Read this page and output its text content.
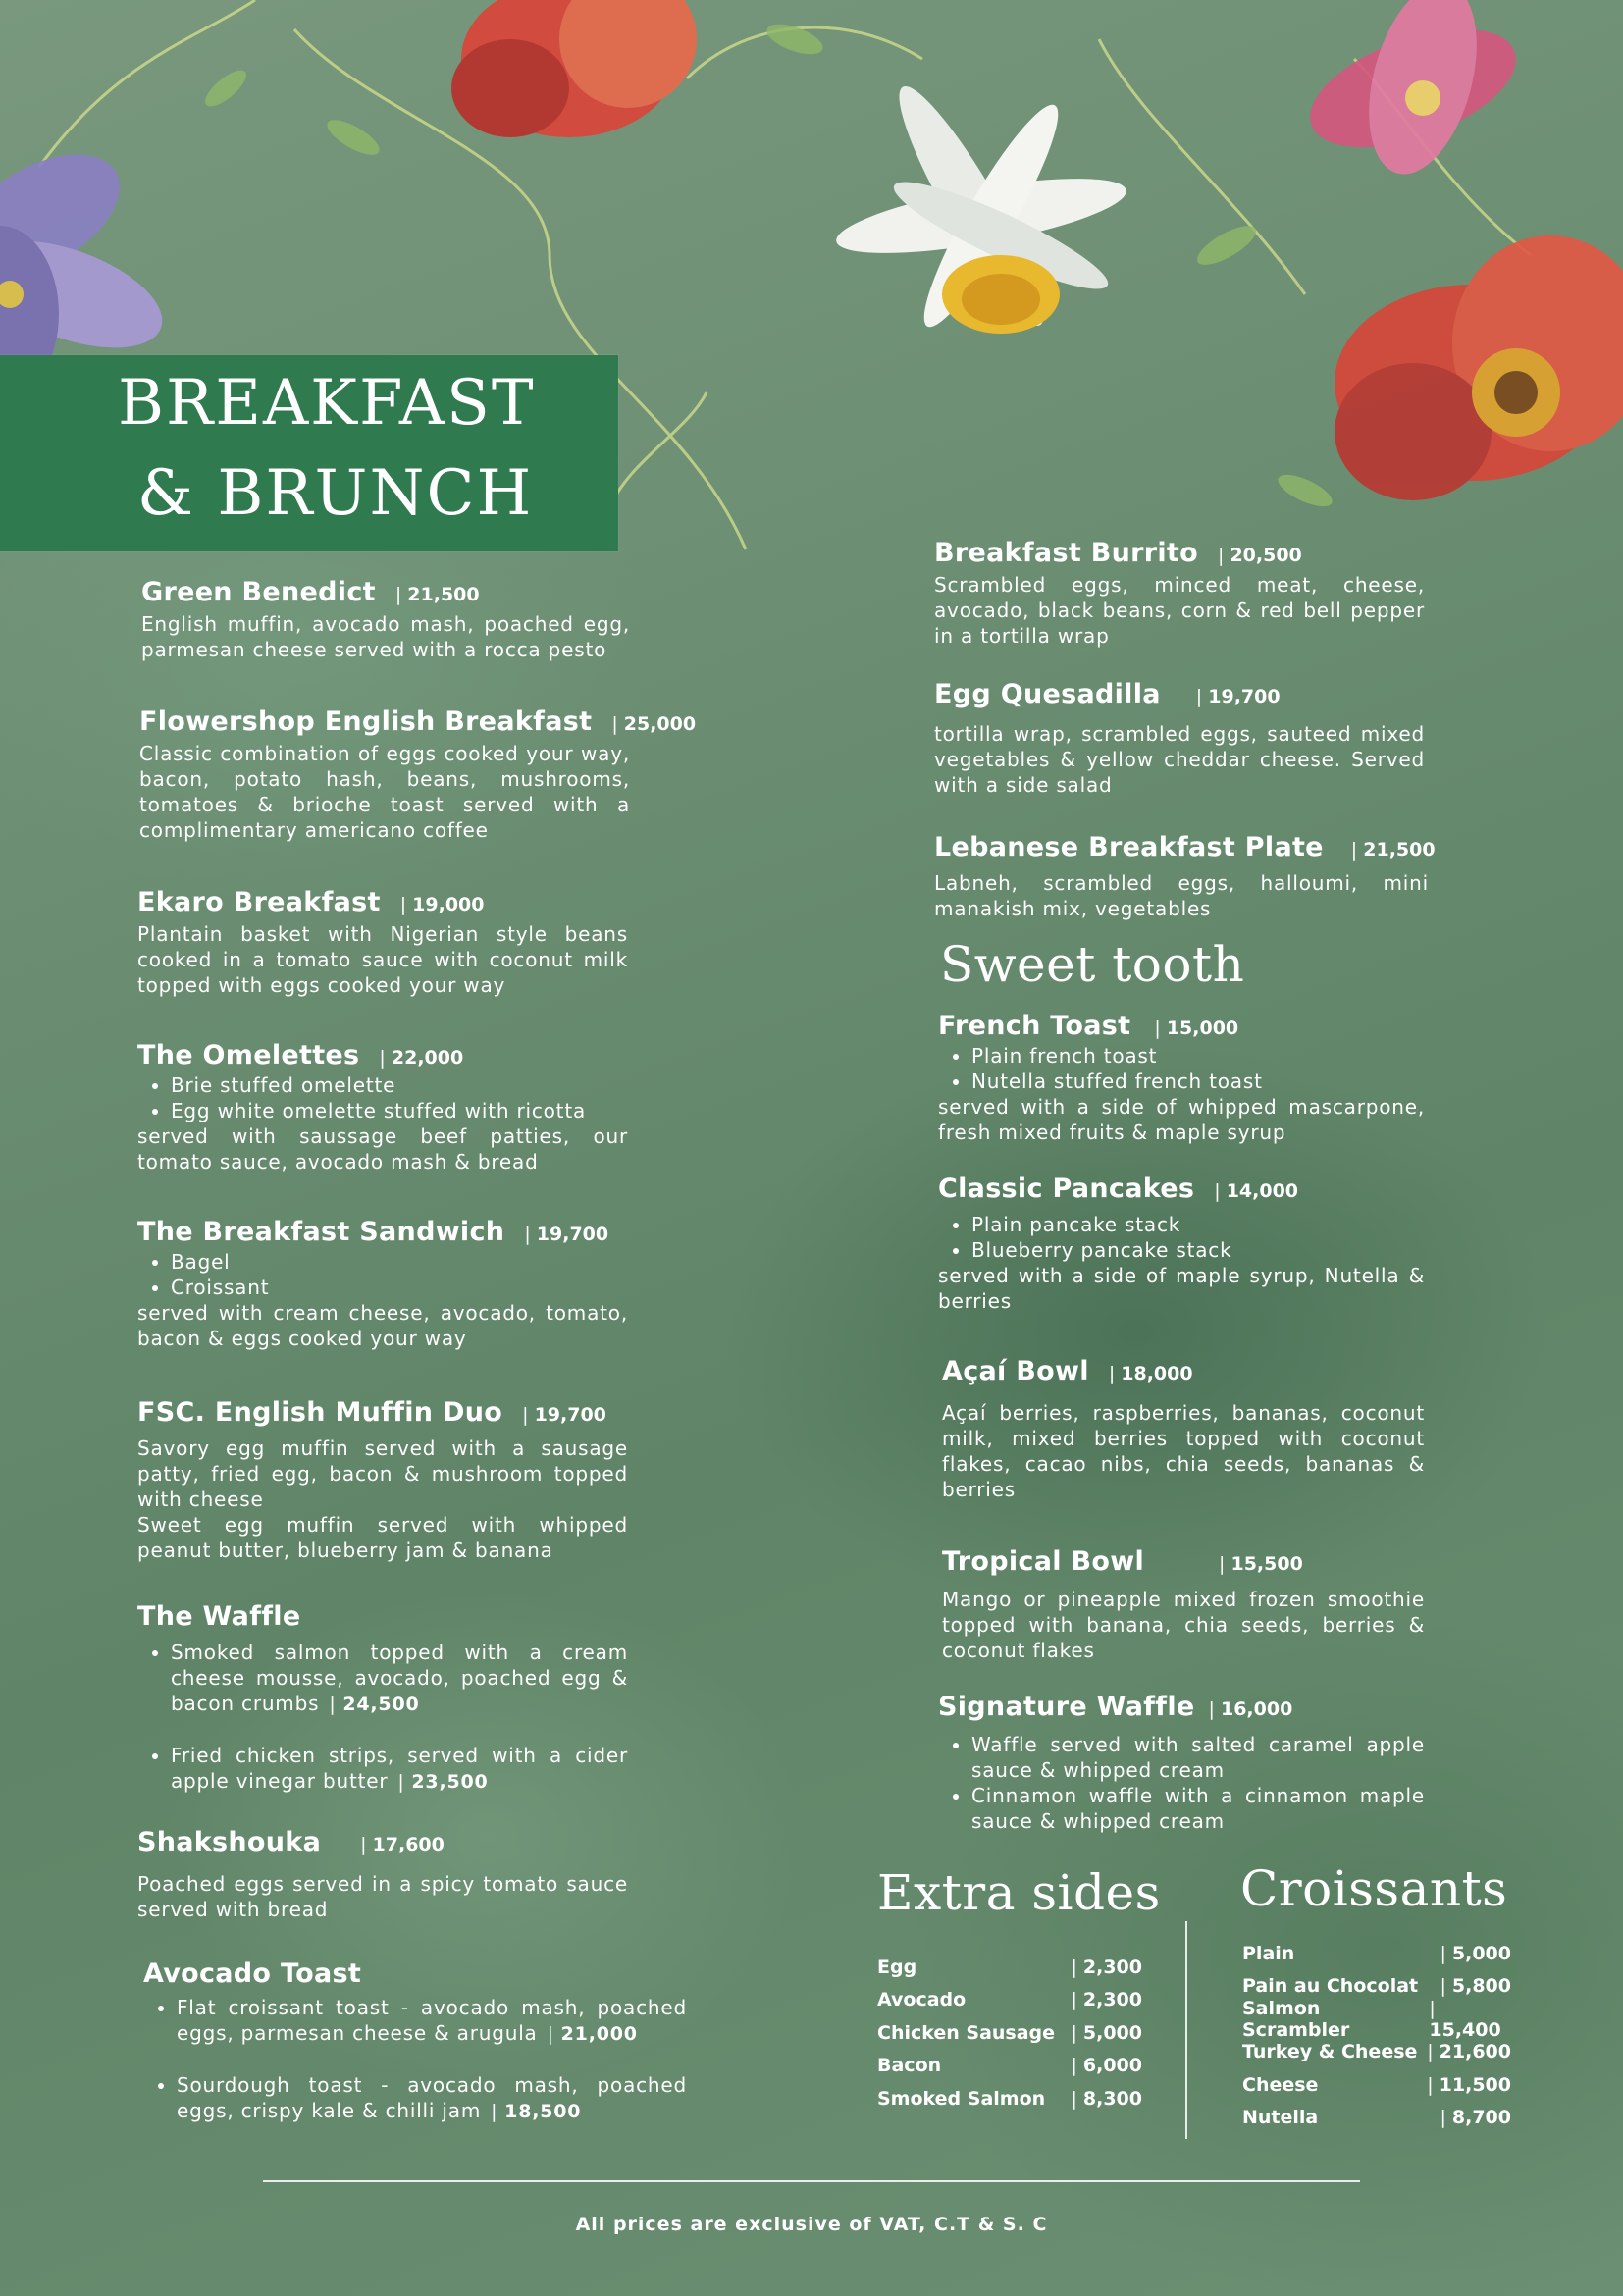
BREAKFAST
& BRUNCH
Green Benedict	| 21,500
English muffin, avocado mash, poached egg, parmesan cheese served with a rocca pesto
Flowershop English Breakfast	| 25,000
Classic combination of eggs cooked your way, bacon, potato hash, beans, mushrooms, tomatoes & brioche toast served with a complimentary americano coffee
Ekaro Breakfast	| 19,000
Plantain basket with Nigerian style beans cooked in a tomato sauce with coconut milk topped with eggs cooked your way
The Omelettes	| 22,000
• Brie stuffed omelette
• Egg white omelette stuffed with ricotta
served with saussage beef patties, our tomato sauce, avocado mash & bread
The Breakfast Sandwich	| 19,700
• Bagel
• Croissant
served with cream cheese, avocado, tomato, bacon & eggs cooked your way
FSC. English Muffin Duo	| 19,700
Savory egg muffin served with a sausage patty, fried egg, bacon & mushroom topped with cheese
Sweet egg muffin served with whipped peanut butter, blueberry jam & banana
The Waffle
• Smoked salmon topped with a cream cheese mousse, avocado, poached egg & bacon crumbs | 24,500
• Fried chicken strips, served with a cider apple vinegar butter | 23,500
Shakshouka	| 17,600
Poached eggs served in a spicy tomato sauce served with bread
Avocado Toast
• Flat croissant toast - avocado mash, poached eggs, parmesan cheese & arugula | 21,000
• Sourdough toast - avocado mash, poached eggs, crispy kale & chilli jam | 18,500
Breakfast Burrito	| 20,500
Scrambled eggs, minced meat, cheese, avocado, black beans, corn & red bell pepper in a tortilla wrap
Egg Quesadilla	| 19,700
tortilla wrap, scrambled eggs, sauteed mixed vegetables & yellow cheddar cheese. Served with a side salad
Lebanese Breakfast Plate	| 21,500
Labneh, scrambled eggs, halloumi, mini manakish mix, vegetables
Sweet tooth
French Toast	| 15,000
• Plain french toast
• Nutella stuffed french toast
served with a side of whipped mascarpone, fresh mixed fruits & maple syrup
Classic Pancakes	| 14,000
• Plain pancake stack
• Blueberry pancake stack
served with a side of maple syrup, Nutella & berries
Açaí Bowl	| 18,000
Açaí berries, raspberries, bananas, coconut milk, mixed berries topped with coconut flakes, cacao nibs, chia seeds, bananas & berries
Tropical Bowl	| 15,500
Mango or pineapple mixed frozen smoothie topped with banana, chia seeds, berries & coconut flakes
Signature Waffle	| 16,000
• Waffle served with salted caramel apple sauce & whipped cream
• Cinnamon waffle with a cinnamon maple sauce & whipped cream
Extra sides
Egg	| 2,300
Avocado	| 2,300
Chicken Sausage	| 5,000
Bacon	| 6,000
Smoked Salmon	| 8,300
Croissants
Plain	| 5,000
Pain au Chocolat	| 5,800
Salmon Scrambler	| 15,400
Turkey & Cheese	| 21,600
Cheese	| 11,500
Nutella	| 8,700
All prices are exclusive of VAT, C.T & S. C
